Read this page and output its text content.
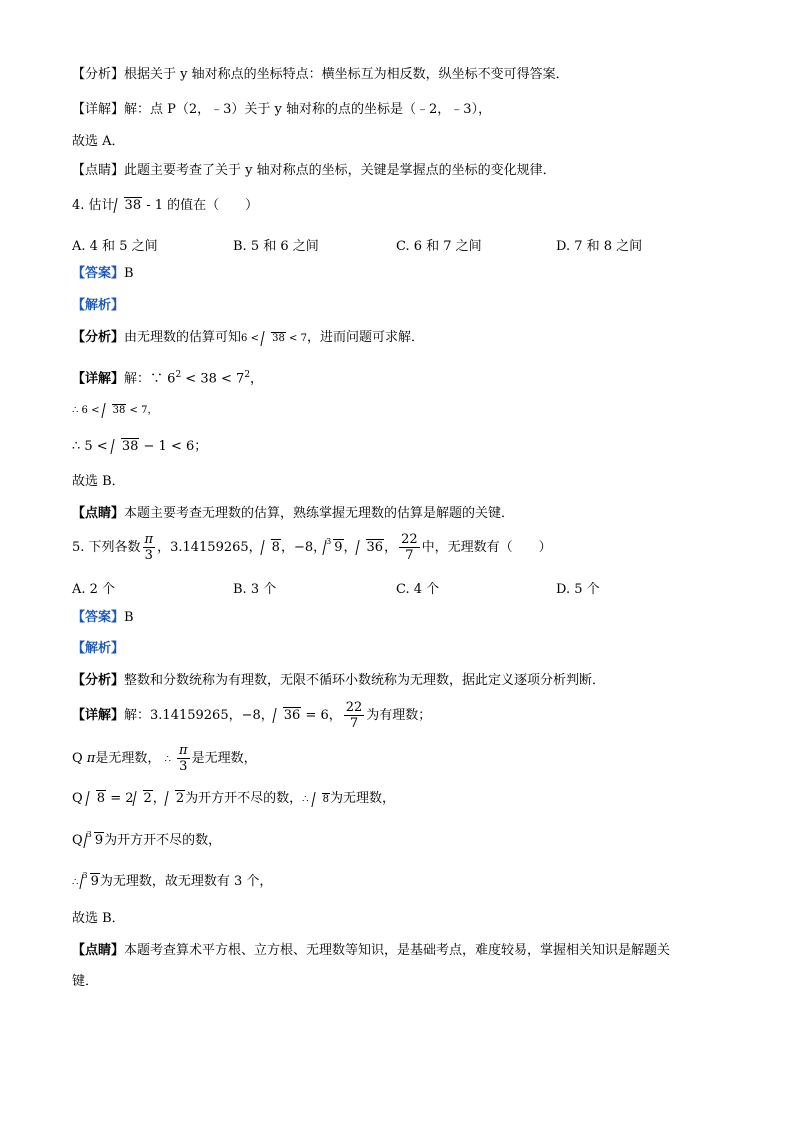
【分析】根据关于 y 轴对称点的坐标特点：横坐标互为相反数，纵坐标不变可得答案．
【详解】解：点 P（2，﹣3）关于 y 轴对称的点的坐标是（﹣2，﹣3），
故选 A．
【点睛】此题主要考查了关于 y 轴对称点的坐标，关键是掌握点的坐标的变化规律．
4. 估计 38 - 1 的值在（　　）
A. 4 和 5 之间	B. 5 和 6 之间	C. 6 和 7 之间	D. 7 和 8 之间
【答案】B
【解析】
【分析】由无理数的估算可知6 < 38 < 7，进而问题可求解．
【详解】解：∵ $6^2 < 38 < 7^2$，
∴ 6 < 38 < 7，
∴ 5 < 38 − 1 < 6；
故选 B．
【点睛】本题主要考查无理数的估算，熟练掌握无理数的估算是解题的关键．
5. 下列各数 $\frac{\pi}{3}$ ，3.14159265， 8，−8，$^3$ 9， 36， $\frac{22}{7}$ 中，无理数有（　　）
A. 2 个	B. 3 个	C. 4 个	D. 5 个
【答案】B
【解析】
【分析】整数和分数统称为有理数，无限不循环小数统称为无理数，据此定义逐项分析判断．
【详解】解：3.14159265，−8， 36 = 6， $\frac{22}{7}$ 为有理数；
Q π是无理数， ∴ $\frac{\pi}{3}$ 是无理数，
Q 8 = 2 2， 2为开方开不尽的数，∴ 8为无理数，
Q $^3$ 9为开方开不尽的数，
∴ $^3$ 9为无理数，故无理数有 3 个，
故选 B．
【点睛】本题考查算术平方根、立方根、无理数等知识，是基础考点，难度较易，掌握相关知识是解题关
键．
